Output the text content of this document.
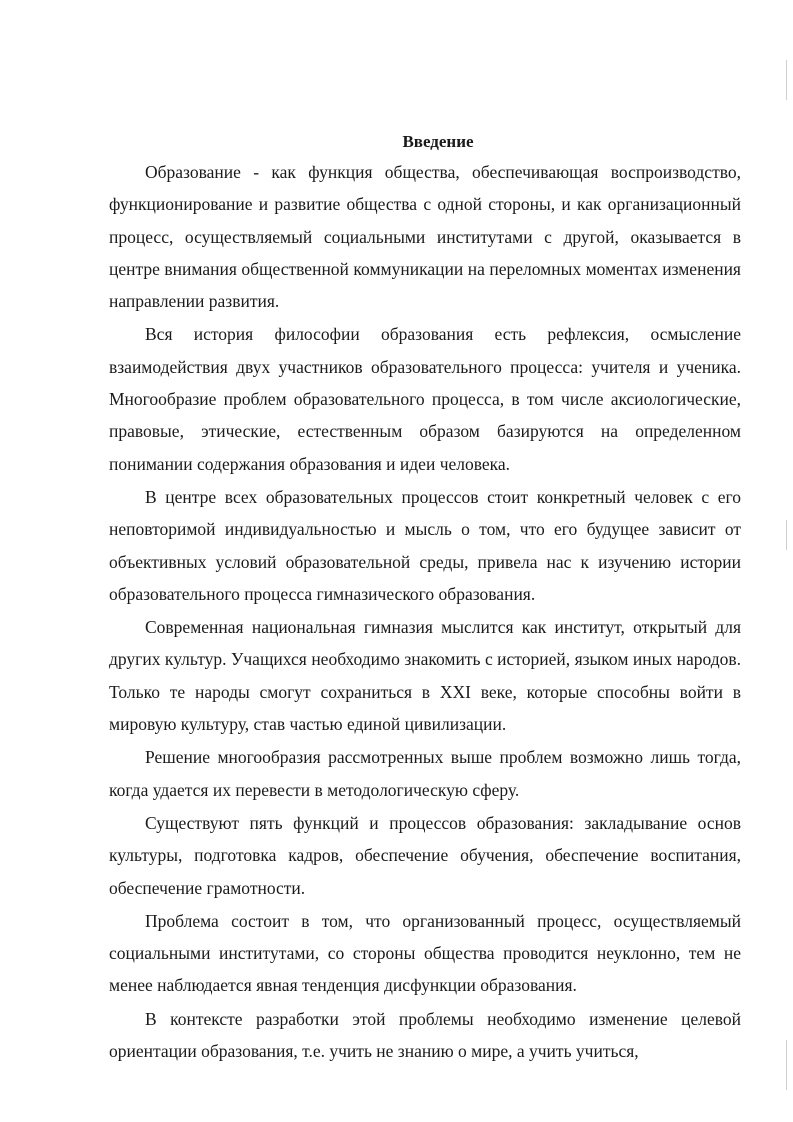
Введение

Образование - как функция общества, обеспечивающая воспроизводство, функционирование и развитие общества с одной стороны, и как организационный процесс, осуществляемый социальными институтами с другой, оказывается в центре внимания общественной коммуникации на переломных моментах изменения направлении развития.

Вся история философии образования есть рефлексия, осмысление взаимодействия двух участников образовательного процесса: учителя и ученика. Многообразие проблем образовательного процесса, в том числе аксиологические, правовые, этические, естественным образом базируются на определенном понимании содержания образования и идеи человека.

В центре всех образовательных процессов стоит конкретный человек с его неповторимой индивидуальностью и мысль о том, что его будущее зависит от объективных условий образовательной среды, привела нас к изучению истории образовательного процесса гимназического образования.

Современная национальная гимназия мыслится как институт, открытый для других культур. Учащихся необходимо знакомить с историей, языком иных народов. Только те народы смогут сохраниться в XXI веке, которые способны войти в мировую культуру, став частью единой цивилизации.

Решение многообразия рассмотренных выше проблем возможно лишь тогда, когда удается их перевести в методологическую сферу.

Существуют пять функций и процессов образования: закладывание основ культуры, подготовка кадров, обеспечение обучения, обеспечение воспитания, обеспечение грамотности.

Проблема состоит в том, что организованный процесс, осуществляемый социальными институтами, со стороны общества проводится неуклонно, тем не менее наблюдается явная тенденция дисфункции образования.

В контексте разработки этой проблемы необходимо изменение целевой ориентации образования, т.е. учить не знанию о мире, а учить учиться,
